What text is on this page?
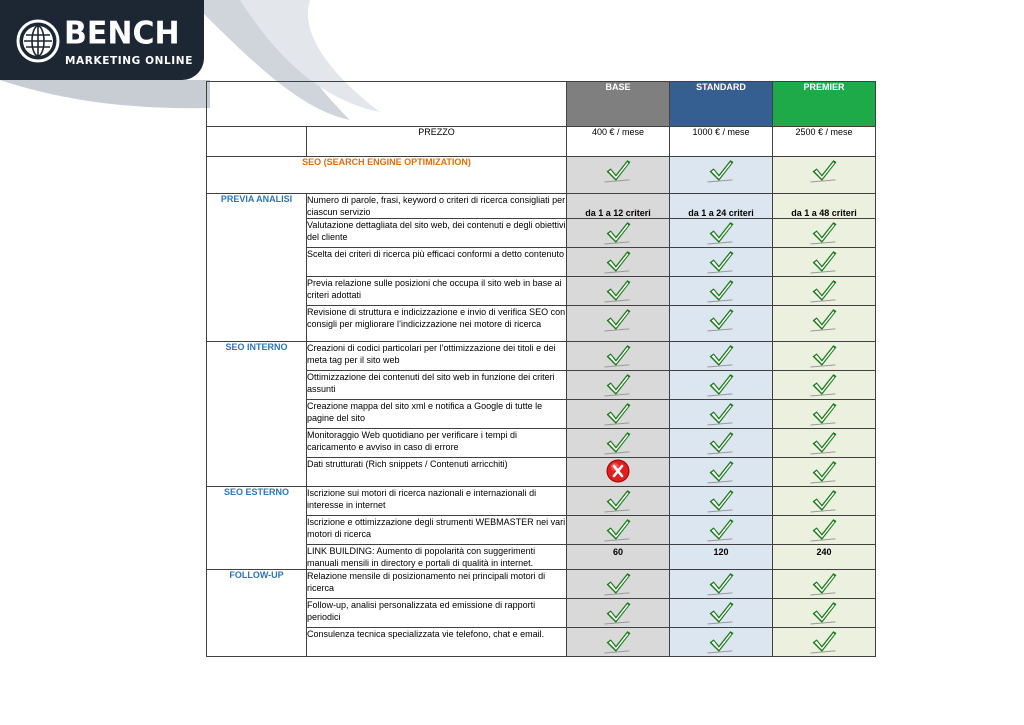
BENCH
MARKETING ONLINE
		BASE	STANDARD	PREMIER
	PREZZO	400 € / mese	1000 € / mese	2500 € / mese
SEO (SEARCH ENGINE OPTIMIZATION)			
PREVIA ANALISI	Numero di parole, frasi, keyword o criteri di ricerca consigliati per ciascun servizio	da 1 a 12 criteri	da 1 a 24 criteri	da 1 a 48 criteri

	Valutazione dettagliata del sito web, dei contenuti e degli obiettivi del cliente			
	Scelta dei criteri di ricerca più efficaci conformi a detto contenuto			
	Previa relazione sulle posizioni che occupa il sito web in base ai criteri adottati			
	Revisione di struttura e indicizzazione e invio di verifica SEO con consigli per migliorare l’indicizzazione nei motore di ricerca			
SEO INTERNO	Creazioni di codici particolari per l’ottimizzazione dei titoli e dei meta tag per il sito web			
	Ottimizzazione dei contenuti del sito web in funzione dei criteri assunti			
	Creazione mappa del sito xml e notifica a Google di tutte le pagine del sito			
	Monitoraggio Web quotidiano per verificare i tempi di caricamento e avviso in caso di errore			
	Dati strutturati (Rich snippets / Contenuti arricchiti)			
SEO ESTERNO	Iscrizione sui motori di ricerca nazionali e internazionali di interesse in internet			
	Iscrizione e ottimizzazione degli strumenti WEBMASTER nei vari motori di ricerca			
	LINK BUILDING: Aumento di popolarità con suggerimenti manuali mensili in directory e portali di qualità in internet.	60	120	240

FOLLOW-UP	Relazione mensile di posizionamento nei principali motori di ricerca			
	Follow-up, analisi personalizzata ed emissione di rapporti periodici			
	Consulenza tecnica specializzata vie telefono, chat e email.			
